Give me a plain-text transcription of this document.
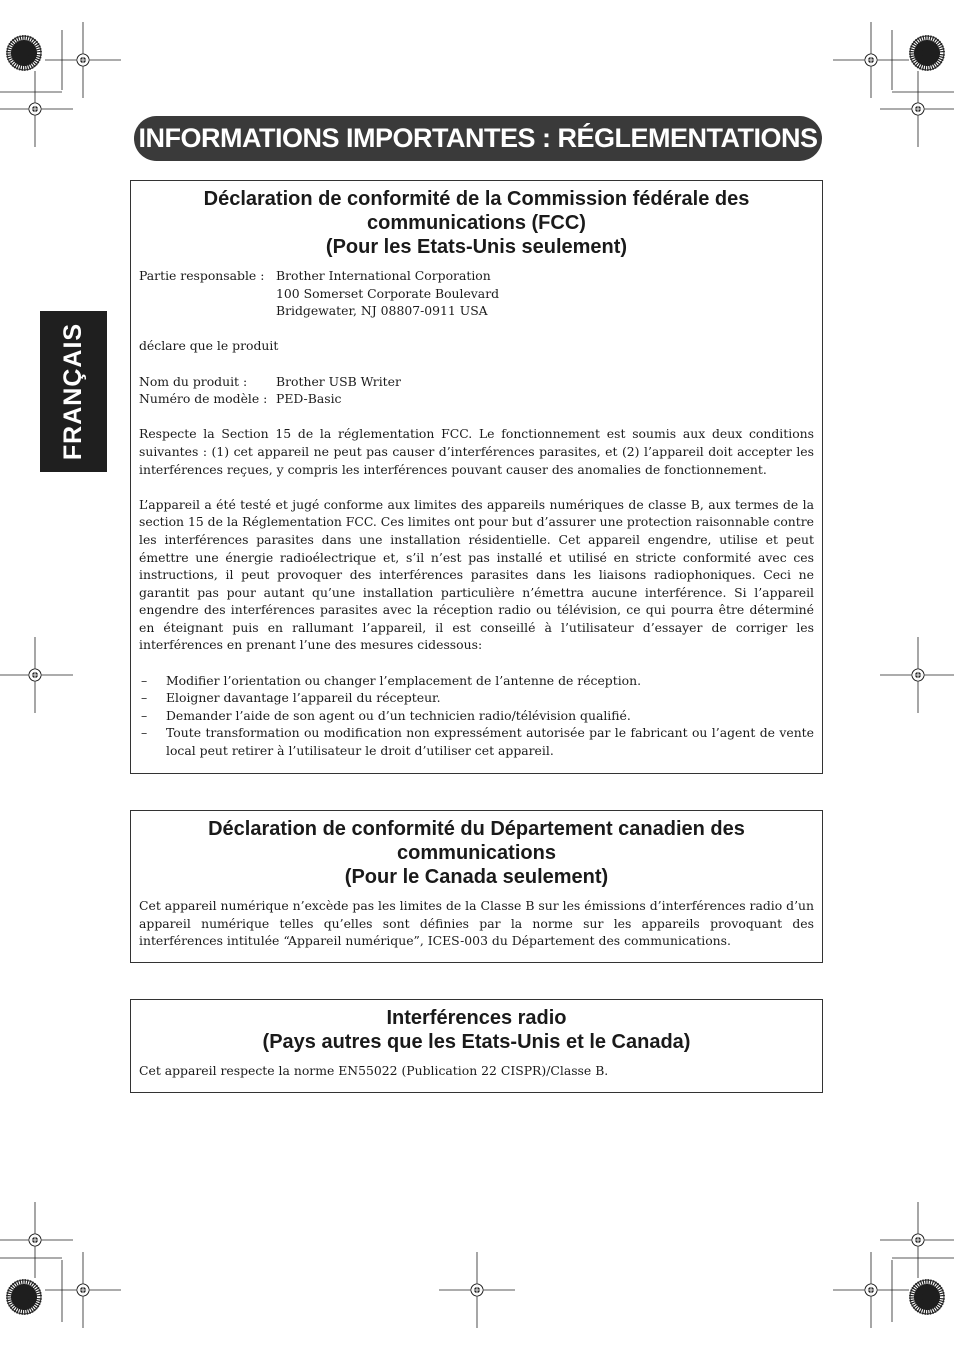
INFORMATIONS IMPORTANTES : RÉGLEMENTATIONS
FRANÇAIS
Déclaration de conformité de la Commission fédérale des
communications (FCC)
(Pour les Etats-Unis seulement)
Partie responsable : Brother International Corporation
100 Somerset Corporate Boulevard
Bridgewater, NJ 08807-0911 USA

déclare que le produit

Nom du produit :	Brother USB Writer
Numéro de modèle : PED-Basic

Respecte la Section 15 de la réglementation FCC. Le fonctionnement est soumis aux deux conditions suivantes : (1) cet appareil ne peut pas causer d’interférences parasites, et (2) l’appareil doit accepter les interférences reçues, y compris les interférences pouvant causer des anomalies de fonctionnement.

L’appareil a été testé et jugé conforme aux limites des appareils numériques de classe B, aux termes de la section 15 de la Réglementation FCC. Ces limites ont pour but d’assurer une protection raisonnable contre les interférences parasites dans une installation résidentielle. Cet appareil engendre, utilise et peut émettre une énergie radioélectrique et, s’il n’est pas installé et utilisé en stricte conformité avec ces instructions, il peut provoquer des interférences parasites dans les liaisons radiophoniques. Ceci ne garantit pas pour autant qu’une installation particulière n’émettra aucune interférence. Si l’appareil engendre des interférences parasites avec la réception radio ou télévision, ce qui pourra être déterminé en éteignant puis en rallumant l’appareil, il est conseillé à l’utilisateur d’essayer de corriger les interférences en prenant l’une des mesures cidessous:

–	Modifier l’orientation ou changer l’emplacement de l’antenne de réception.
–	Eloigner davantage l’appareil du récepteur.
–	Demander l’aide de son agent ou d’un technicien radio/télévision qualifié.
–	Toute transformation ou modification non expressément autorisée par le fabricant ou l’agent de vente local peut retirer à l’utilisateur le droit d’utiliser cet appareil.
Déclaration de conformité du Département canadien des
communications
(Pour le Canada seulement)

Cet appareil numérique n’excède pas les limites de la Classe B sur les émissions d’interférences radio d’un appareil numérique telles qu’elles sont définies par la norme sur les appareils provoquant des interférences intitulée “Appareil numérique”, ICES-003 du Département des communications.

Interférences radio
(Pays autres que les Etats-Unis et le Canada)

Cet appareil respecte la norme EN55022 (Publication 22 CISPR)/Classe B.
